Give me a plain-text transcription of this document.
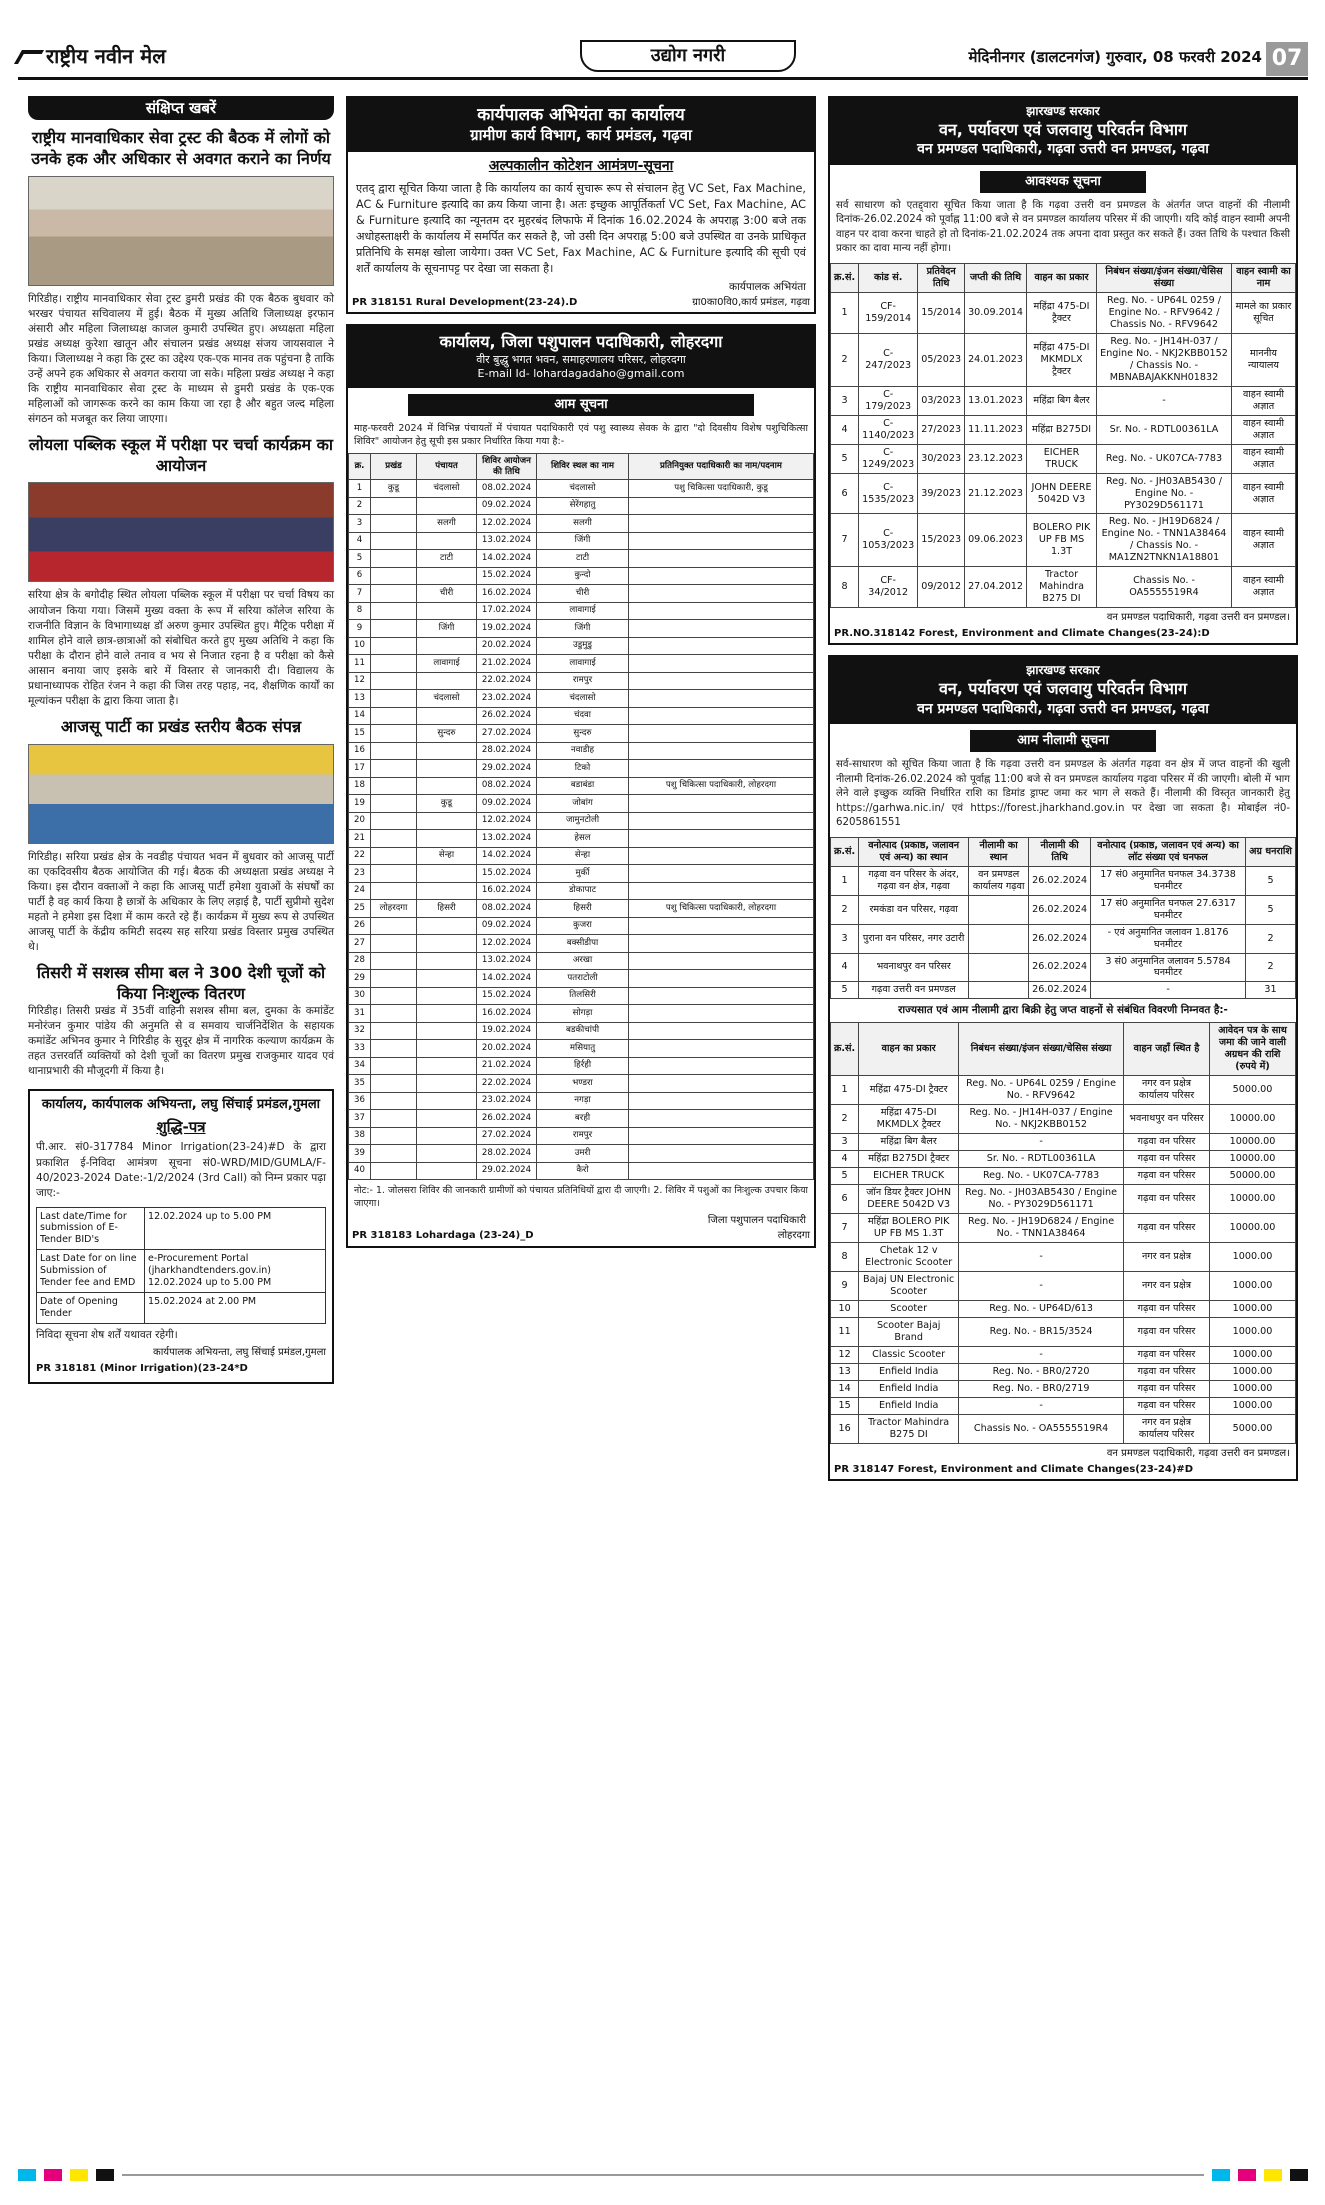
राष्ट्रीय नवीन मेल	उद्योग नगरी	मेदिनीनगर (डालटनगंज) गुरुवार, 08 फरवरी 2024 07
संक्षिप्त खबरें
राष्ट्रीय मानवाधिकार सेवा ट्रस्ट की बैठक में लोगों को उनके हक और अधिकार से अवगत कराने का निर्णय
गिरिडीह। राष्ट्रीय मानवाधिकार सेवा ट्रस्ट डुमरी प्रखंड की एक बैठक बुधवार को भरखर पंचायत सचिवालय में हुई। बैठक में मुख्य अतिथि जिलाध्यक्ष इरफान अंसारी और महिला जिलाध्यक्ष काजल कुमारी उपस्थित हुए। अध्यक्षता महिला प्रखंड अध्यक्ष कुरेशा खातून और संचालन प्रखंड अध्यक्ष संजय जायसवाल ने किया। जिलाध्यक्ष ने कहा कि ट्रस्ट का उद्देश्य एक-एक मानव तक पहुंचना है ताकि उन्हें अपने हक अधिकार से अवगत कराया जा सके। महिला प्रखंड अध्यक्ष ने कहा कि राष्ट्रीय मानवाधिकार सेवा ट्रस्ट के माध्यम से डुमरी प्रखंड के एक-एक महिलाओं को जागरूक करने का काम किया जा रहा है और बहुत जल्द महिला संगठन को मजबूत कर लिया जाएगा।
लोयला पब्लिक स्कूल में परीक्षा पर चर्चा कार्यक्रम का आयोजन
सरिया क्षेत्र के बगोदीह स्थित लोयला पब्लिक स्कूल में परीक्षा पर चर्चा विषय का आयोजन किया गया। जिसमें मुख्य वक्ता के रूप में सरिया कॉलेज सरिया के राजनीति विज्ञान के विभागाध्यक्ष डॉ अरुण कुमार उपस्थित हुए। मैट्रिक परीक्षा में शामिल होने वाले छात्र-छात्राओं को संबोधित करते हुए मुख्य अतिथि ने कहा कि परीक्षा के दौरान होने वाले तनाव व भय से निजात रहना है व परीक्षा को कैसे आसान बनाया जाए इसके बारे में विस्तार से जानकारी दी। विद्यालय के प्रधानाध्यापक रोहित रंजन ने कहा की जिस तरह पहाड़, नद, शैक्षणिक कार्यों का मूल्यांकन परीक्षा के द्वारा किया जाता है।
आजसू पार्टी का प्रखंड स्तरीय बैठक संपन्न
गिरिडीह। सरिया प्रखंड क्षेत्र के नवडीह पंचायत भवन में बुधवार को आजसू पार्टी का एकदिवसीय बैठक आयोजित की गई। बैठक की अध्यक्षता प्रखंड अध्यक्ष ने किया। इस दौरान वक्ताओं ने कहा कि आजसू पार्टी हमेशा युवाओं के संघर्षों का पार्टी है वह कार्य किया है छात्रों के अधिकार के लिए लड़ाई है, पार्टी सुप्रीमो सुदेश महतो ने हमेशा इस दिशा में काम करते रहे हैं। कार्यक्रम में मुख्य रूप से उपस्थित आजसू पार्टी के केंद्रीय कमिटी सदस्य सह सरिया प्रखंड विस्तार प्रमुख उपस्थित थे।
तिसरी में सशस्त्र सीमा बल ने 300 देशी चूजों को किया निःशुल्क वितरण
गिरिडीह। तिसरी प्रखंड में 35वीं वाहिनी सशस्त्र सीमा बल, दुमका के कमांडेंट मनोरंजन कुमार पांडेय की अनुमति से व समवाय चार्जनिर्देशित के सहायक कमांडेंट अभिनव कुमार ने गिरिडीह के सुदूर क्षेत्र में नागरिक कल्याण कार्यक्रम के तहत उत्तरवर्ति व्यक्तियों को देशी चूजों का वितरण प्रमुख राजकुमार यादव एवं थानाप्रभारी की मौजूदगी में किया है।
कार्यालय, कार्यपालक अभियन्ता, लघु सिंचाई प्रमंडल,गुमला
शुद्धि-पत्र
पी.आर. सं0-317784 Minor Irrigation(23-24)#D के द्वारा प्रकाशित ई-निविदा आमंत्रण सूचना सं0-WRD/MID/GUMLA/F-40/2023-2024 Date:-1/2/2024 (3rd Call) को निम्न प्रकार पढ़ा जाए:-
Last date/Time for submission of E-Tender BID's	12.02.2024 up to 5.00 PM
Last Date for on line Submission of Tender fee and EMD	e-Procurement Portal (jharkhandtenders.gov.in) 12.02.2024 up to 5.00 PM
Date of Opening Tender	15.02.2024 at 2.00 PM
निविदा सूचना शेष शर्तें यथावत रहेगी।
कार्यपालक अभियन्ता, लघु सिंचाई प्रमंडल,गुमला
PR 318181 (Minor Irrigation)(23-24*D
कार्यपालक अभियंता का कार्यालय
ग्रामीण कार्य विभाग, कार्य प्रमंडल, गढ़वा
अल्पकालीन कोटेशन आमंत्रण-सूचना
एतद् द्वारा सूचित किया जाता है कि कार्यालय का कार्य सुचारू रूप से संचालन हेतु VC Set, Fax Machine, AC & Furniture इत्यादि का क्रय किया जाना है। अतः इच्छुक आपूर्तिकर्ता VC Set, Fax Machine, AC & Furniture इत्यादि का न्यूनतम दर मुहरबंद लिफाफे में दिनांक 16.02.2024 के अपराह्न 3:00 बजे तक अधोहस्ताक्षरी के कार्यालय में समर्पित कर सकते है, जो उसी दिन अपराह्न 5:00 बजे उपस्थित वा उनके प्राधिकृत प्रतिनिधि के समक्ष खोला जायेगा। उक्त VC Set, Fax Machine, AC & Furniture इत्यादि की सूची एवं शर्तें कार्यालय के सूचनापट्ट पर देखा जा सकता है।
कार्यपालक अभियंता
PR 318151 Rural Development(23-24).D	ग्रा0का0वि0,कार्य प्रमंडल, गढ़वा
कार्यालय, जिला पशुपालन पदाधिकारी, लोहरदगा
वीर बुद्धु भगत भवन, समाहरणालय परिसर, लोहरदगा
E-mail Id- lohardagadaho@gmail.com
आम सूचना
माह-फरवरी 2024 में विभिन्न पंचायतों में पंचायत पदाधिकारी एवं पशु स्वास्थ्य सेवक के द्वारा "दो दिवसीय विशेष पशुचिकित्सा शिविर" आयोजन हेतु सूची इस प्रकार निर्धारित किया गया है:-
क्र.	प्रखंड	पंचायत	शिविर आयोजन की तिथि	शिविर स्थल का नाम	प्रतिनियुक्त पदाधिकारी का नाम/पदनाम
1	कुडू	चंदलासो	08.02.2024	चंदलासो	पशु चिकित्सा पदाधिकारी, कुडू
2			09.02.2024	सेरेंगहातु	
3		सलगी	12.02.2024	सलगी	
4			13.02.2024	जिंगी	
5		टाटी	14.02.2024	टाटी	
6			15.02.2024	कुन्दो	
7		चीरी	16.02.2024	चीरी	
8			17.02.2024	लावागाई	
9		जिंगी	19.02.2024	जिंगी	
10			20.02.2024	उडुमुडु	
11		लावागाई	21.02.2024	लावागाई	
12			22.02.2024	रामपुर	
13		चंदलासो	23.02.2024	चंदलासो	
14			26.02.2024	चंदवा	
15		सुन्दरु	27.02.2024	सुन्दरु	
16			28.02.2024	नवाडीह	
17			29.02.2024	टिको	
18			08.02.2024	बडाबंडा	पशु चिकित्सा पदाधिकारी, लोहरदगा
19		कुडू	09.02.2024	जोबांग	
20			12.02.2024	जामुनटोली	
21			13.02.2024	हेसल	
22		सेन्हा	14.02.2024	सेन्हा	
23			15.02.2024	मुर्की	
24			16.02.2024	डोकापाट	
25	लोहरदगा	हिसरी	08.02.2024	हिसरी	पशु चिकित्सा पदाधिकारी, लोहरदगा
26			09.02.2024	कुजरा	
27			12.02.2024	बक्सीडीपा	
28			13.02.2024	अरखा	
29			14.02.2024	पतराटोली	
30			15.02.2024	तिलसिरी	
31			16.02.2024	सोगड़ा	
32			19.02.2024	बडकीचांपी	
33			20.02.2024	मसियातु	
34			21.02.2024	हिर्रही	
35			22.02.2024	भण्डरा	
36			23.02.2024	नगड़ा	
37			26.02.2024	बरही	
38			27.02.2024	रामपुर	
39			28.02.2024	उमरी	
40			29.02.2024	कैरो	
नोट:- 1. जोलसरा शिविर की जानकारी ग्रामीणों को पंचायत प्रतिनिधियों द्वारा दी जाएगी। 2. शिविर में पशुओं का निःशुल्क उपचार किया जाएगा।
जिला पशुपालन पदाधिकारी
PR 318183 Lohardaga (23-24)_D	लोहरदगा
झारखण्ड सरकार
वन, पर्यावरण एवं जलवायु परिवर्तन विभाग
वन प्रमण्डल पदाधिकारी, गढ़वा उत्तरी वन प्रमण्डल, गढ़वा
आवश्यक सूचना
सर्व साधारण को एतद्द्वारा सूचित किया जाता है कि गढ़वा उत्तरी वन प्रमण्डल के अंतर्गत जप्त वाहनों की नीलामी दिनांक-26.02.2024 को पूर्वाह्न 11:00 बजे से वन प्रमण्डल कार्यालय परिसर में की जाएगी। यदि कोई वाहन स्वामी अपनी वाहन पर दावा करना चाहते हो तो दिनांक-21.02.2024 तक अपना दावा प्रस्तुत कर सकते हैं। उक्त तिथि के पश्चात किसी प्रकार का दावा मान्य नहीं होगा।
क्र.सं.	कांड सं.	प्रतिवेदन तिथि	जप्ती की तिथि	वाहन का प्रकार	निबंधन संख्या/इंजन संख्या/चेसिस संख्या	वाहन स्वामी का नाम
1	CF-159/2014	15/2014	30.09.2014	महिंद्रा 475-DI ट्रैक्टर	Reg. No. - UP64L 0259 / Engine No. - RFV9642 / Chassis No. - RFV9642	मामले का प्रकार सूचित
2	C-247/2023	05/2023	24.01.2023	महिंद्रा 475-DI MKMDLX ट्रैक्टर	Reg. No. - JH14H-037 / Engine No. - NKJ2KBB0152 / Chassis No. - MBNABAJAKKNH01832	माननीय न्यायालय
3	C-179/2023	03/2023	13.01.2023	महिंद्रा बिग बैलर	-	वाहन स्वामी अज्ञात
4	C-1140/2023	27/2023	11.11.2023	महिंद्रा B275DI	Sr. No. - RDTL00361LA	वाहन स्वामी अज्ञात
5	C-1249/2023	30/2023	23.12.2023	EICHER TRUCK	Reg. No. - UK07CA-7783	वाहन स्वामी अज्ञात
6	C-1535/2023	39/2023	21.12.2023	JOHN DEERE 5042D V3	Reg. No. - JH03AB5430 / Engine No. - PY3029D561171	वाहन स्वामी अज्ञात
7	C-1053/2023	15/2023	09.06.2023	BOLERO PIK UP FB MS 1.3T	Reg. No. - JH19D6824 / Engine No. - TNN1A38464 / Chassis No. - MA1ZN2TNKN1A18801	वाहन स्वामी अज्ञात
8	CF-34/2012	09/2012	27.04.2012	Tractor Mahindra B275 DI	Chassis No. - OA5555519R4	वाहन स्वामी अज्ञात
वन प्रमण्डल पदाधिकारी, गढ़वा उत्तरी वन प्रमण्डल।
PR.NO.318142 Forest, Environment and Climate Changes(23-24):D
झारखण्ड सरकार
वन, पर्यावरण एवं जलवायु परिवर्तन विभाग
वन प्रमण्डल पदाधिकारी, गढ़वा उत्तरी वन प्रमण्डल, गढ़वा
आम नीलामी सूचना
सर्व-साधारण को सूचित किया जाता है कि गढ़वा उत्तरी वन प्रमण्डल के अंतर्गत गढ़वा वन क्षेत्र में जप्त वाहनों की खुली नीलामी दिनांक-26.02.2024 को पूर्वाह्न 11:00 बजे से वन प्रमण्डल कार्यालय गढ़वा परिसर में की जाएगी। बोली में भाग लेने वाले इच्छुक व्यक्ति निर्धारित राशि का डिमांड ड्राफ्ट जमा कर भाग ले सकते हैं। नीलामी की विस्तृत जानकारी हेतु https://garhwa.nic.in/ एवं https://forest.jharkhand.gov.in पर देखा जा सकता है। मोबाईल नं0-6205861551
क्र.सं.	वनोत्पाद (प्रकाष्ठ, जलावन एवं अन्य) का स्थान	नीलामी का स्थान	नीलामी की तिथि	वनोत्पाद (प्रकाष्ठ, जलावन एवं अन्य) का लॉट संख्या एवं घनफल	अग्र धनराशि
1	गढ़वा वन परिसर के अंदर, गढ़वा वन क्षेत्र, गढ़वा	वन प्रमण्डल कार्यालय गढ़वा	26.02.2024	17 सं0 अनुमानित घनफल 34.3738 घनमीटर	5
2	रमकंडा वन परिसर, गढ़वा		26.02.2024	17 सं0 अनुमानित घनफल 27.6317 घनमीटर	5
3	पुराना वन परिसर, नगर उटारी		26.02.2024	- एवं अनुमानित जलावन 1.8176 घनमीटर	2
4	भवनाथपुर वन परिसर		26.02.2024	3 सं0 अनुमानित जलावन 5.5784 घनमीटर	2
5	गढ़वा उत्तरी वन प्रमण्डल		26.02.2024	-	31
राज्यसात एवं आम नीलामी द्वारा बिक्री हेतु जप्त वाहनों से संबंधित विवरणी निम्नवत है:-
क्र.सं.	वाहन का प्रकार	निबंधन संख्या/इंजन संख्या/चेसिस संख्या	वाहन जहाँ स्थित है	आवेदन पत्र के साथ जमा की जाने वाली अग्रधन की राशि (रुपये में)
1	महिंद्रा 475-DI ट्रैक्टर	Reg. No. - UP64L 0259 / Engine No. - RFV9642	नगर वन प्रक्षेत्र कार्यालय परिसर	5000.00
2	महिंद्रा 475-DI MKMDLX ट्रैक्टर	Reg. No. - JH14H-037 / Engine No. - NKJ2KBB0152	भवनाथपुर वन परिसर	10000.00
3	महिंद्रा बिग बैलर	-	गढ़वा वन परिसर	10000.00
4	महिंद्रा B275DI ट्रैक्टर	Sr. No. - RDTL00361LA	गढ़वा वन परिसर	10000.00
5	EICHER TRUCK	Reg. No. - UK07CA-7783	गढ़वा वन परिसर	50000.00
6	जॉन डियर ट्रैक्टर JOHN DEERE 5042D V3	Reg. No. - JH03AB5430 / Engine No. - PY3029D561171	गढ़वा वन परिसर	10000.00
7	महिंद्रा BOLERO PIK UP FB MS 1.3T	Reg. No. - JH19D6824 / Engine No. - TNN1A38464	गढ़वा वन परिसर	10000.00
8	Chetak 12 v Electronic Scooter	-	नगर वन प्रक्षेत्र	1000.00
9	Bajaj UN Electronic Scooter	-	नगर वन प्रक्षेत्र	1000.00
10	Scooter	Reg. No. - UP64D/613	गढ़वा वन परिसर	1000.00
11	Scooter Bajaj Brand	Reg. No. - BR15/3524	गढ़वा वन परिसर	1000.00
12	Classic Scooter	-	गढ़वा वन परिसर	1000.00
13	Enfield India	Reg. No. - BR0/2720	गढ़वा वन परिसर	1000.00
14	Enfield India	Reg. No. - BR0/2719	गढ़वा वन परिसर	1000.00
15	Enfield India	-	गढ़वा वन परिसर	1000.00
16	Tractor Mahindra B275 DI	Chassis No. - OA5555519R4	नगर वन प्रक्षेत्र कार्यालय परिसर	5000.00
वन प्रमण्डल पदाधिकारी, गढ़वा उत्तरी वन प्रमण्डल।
PR 318147 Forest, Environment and Climate Changes(23-24)#D
